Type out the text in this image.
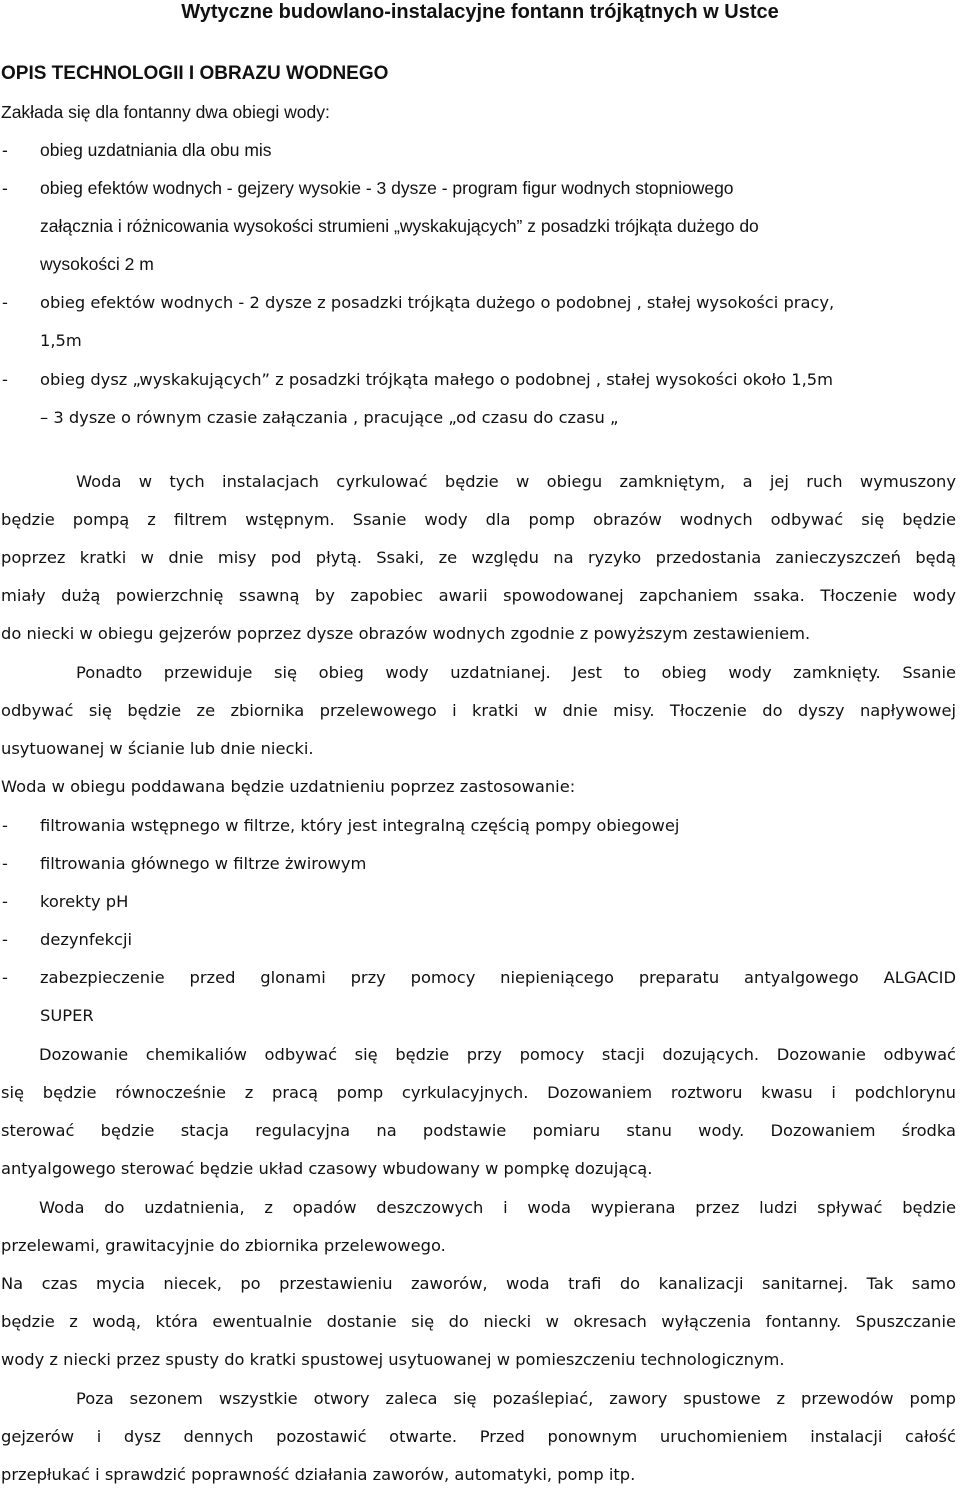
Wytyczne budowlano-instalacyjne fontann trójkątnych w Ustce
OPIS TECHNOLOGII I OBRAZU WODNEGO
Zakłada się dla fontanny dwa obiegi wody:
-	obieg uzdatniania dla obu mis
-	obieg efektów wodnych - gejzery wysokie - 3 dysze - program figur wodnych stopniowego
załącznia i różnicowania wysokości strumieni „wyskakujących” z posadzki trójkąta dużego do
wysokości 2 m
-	obieg efektów wodnych - 2 dysze z posadzki trójkąta dużego o podobnej , stałej wysokości pracy,
1,5m
-	obieg dysz „wyskakujących” z posadzki trójkąta małego o podobnej , stałej wysokości około 1,5m
– 3 dysze o równym czasie załączania , pracujące „od czasu do czasu „
Woda w tych instalacjach cyrkulować będzie w obiegu zamkniętym, a jej ruch wymuszony
będzie pompą z filtrem wstępnym. Ssanie wody dla pomp obrazów wodnych odbywać się będzie
poprzez kratki w dnie misy pod płytą. Ssaki, ze względu na ryzyko przedostania zanieczyszczeń będą
miały dużą powierzchnię ssawną by zapobiec awarii spowodowanej zapchaniem ssaka. Tłoczenie wody
do niecki w obiegu gejzerów poprzez dysze obrazów wodnych zgodnie z powyższym zestawieniem.
Ponadto przewiduje się obieg wody uzdatnianej. Jest to obieg wody zamknięty. Ssanie
odbywać się będzie ze zbiornika przelewowego i kratki w dnie misy. Tłoczenie do dyszy napływowej
usytuowanej w ścianie lub dnie niecki.
Woda w obiegu poddawana będzie uzdatnieniu poprzez zastosowanie:
-	filtrowania wstępnego w filtrze, który jest integralną częścią pompy obiegowej
-	filtrowania głównego w filtrze żwirowym
-	korekty pH
-	dezynfekcji
-	zabezpieczenie przed glonami przy pomocy niepieniącego preparatu antyalgowego ALGACID
SUPER
Dozowanie chemikaliów odbywać się będzie przy pomocy stacji dozujących. Dozowanie odbywać
się będzie równocześnie z pracą pomp cyrkulacyjnych. Dozowaniem roztworu kwasu i podchlorynu
sterować będzie stacja regulacyjna na podstawie pomiaru stanu wody. Dozowaniem środka
antyalgowego sterować będzie układ czasowy wbudowany w pompkę dozującą.
Woda do uzdatnienia, z opadów deszczowych i woda wypierana przez ludzi spływać będzie
przelewami, grawitacyjnie do zbiornika przelewowego.
Na czas mycia niecek, po przestawieniu zaworów, woda trafi do kanalizacji sanitarnej. Tak samo
będzie z wodą, która ewentualnie dostanie się do niecki w okresach wyłączenia fontanny. Spuszczanie
wody z niecki przez spusty do kratki spustowej usytuowanej w pomieszczeniu technologicznym.
Poza sezonem wszystkie otwory zaleca się pozaślepiać, zawory spustowe z przewodów pomp
gejzerów i dysz dennych pozostawić otwarte. Przed ponownym uruchomieniem instalacji całość
przepłukać i sprawdzić poprawność działania zaworów, automatyki, pomp itp.
